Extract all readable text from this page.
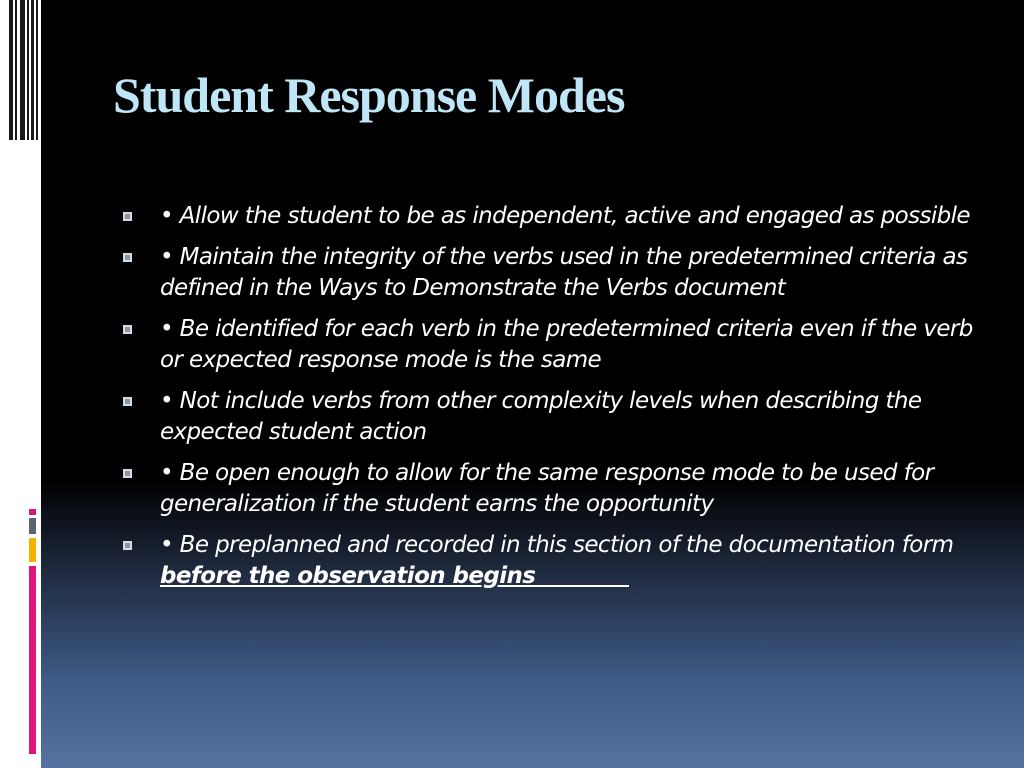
Student Response Modes
• Allow the student to be as independent, active and engaged as possible
• Maintain the integrity of the verbs used in the predetermined criteria as defined in the Ways to Demonstrate the Verbs document
• Be identified for each verb in the predetermined criteria even if the verb or expected response mode is the same
• Not include verbs from other complexity levels when describing the expected student action
• Be open enough to allow for the same response mode to be used for generalization if the student earns the opportunity
• Be preplanned and recorded in this section of the documentation form before the observation begins
